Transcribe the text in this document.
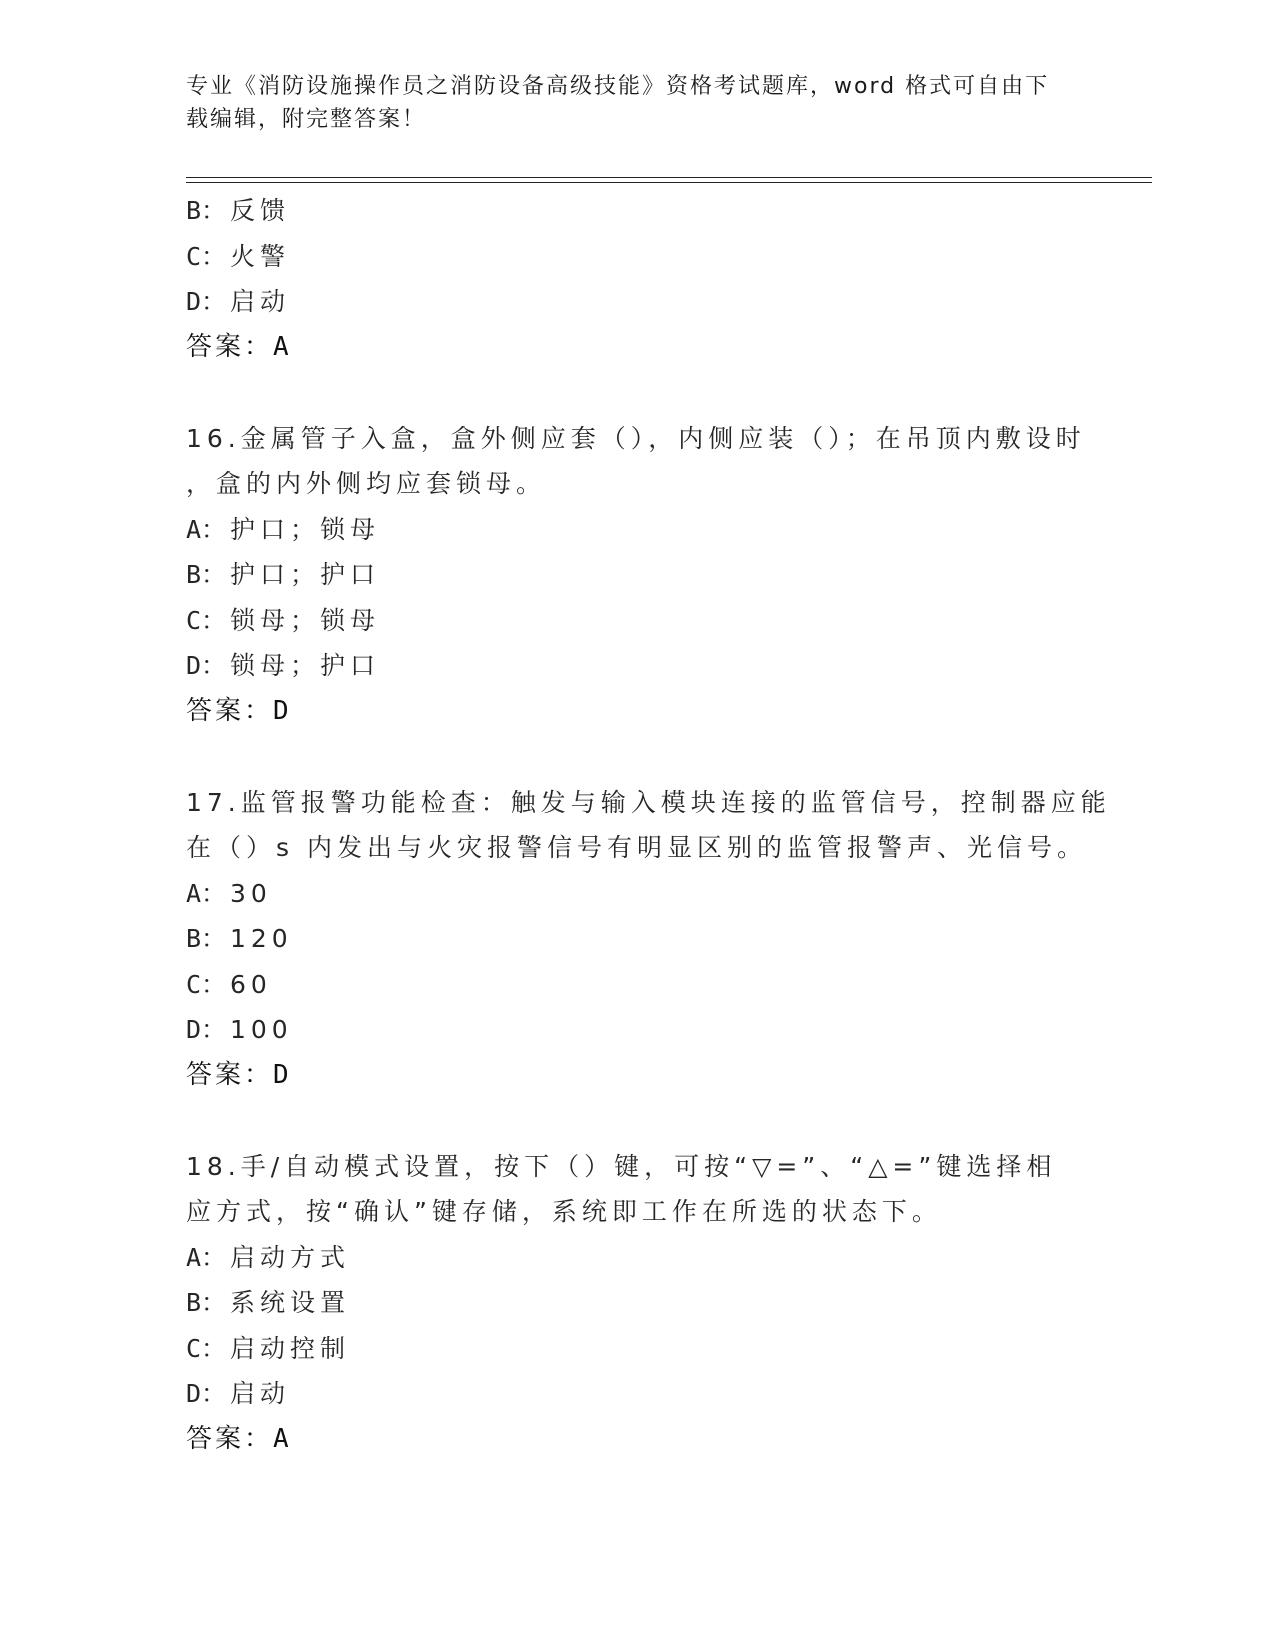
专业《消防设施操作员之消防设备高级技能》资格考试题库，word 格式可自由下
载编辑，附完整答案！
B： 反馈
C： 火警
D： 启动
答案：A
16.金属管子入盒，盒外侧应套（），内侧应装（）；在吊顶内敷设时
，盒的内外侧均应套锁母。
A： 护口；锁母
B： 护口；护口
C： 锁母；锁母
D： 锁母；护口
答案：D
17.监管报警功能检查：触发与输入模块连接的监管信号，控制器应能
在（）s 内发出与火灾报警信号有明显区别的监管报警声、光信号。
A： 30
B： 120
C： 60
D： 100
答案：D
18.手/自动模式设置，按下（）键，可按“▽=”、“△=”键选择相
应方式，按“确认”键存储，系统即工作在所选的状态下。
A： 启动方式
B： 系统设置
C： 启动控制
D： 启动
答案：A
